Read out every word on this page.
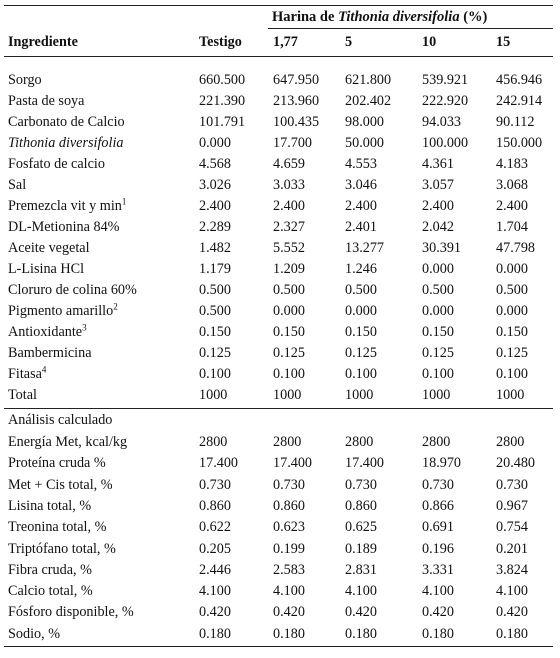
Harina de Tithonia diversifolia (%)
Ingrediente	Testigo 1,77	5	10	15
Sorgo	660.500 647.950 621.800 539.921 456.946
Pasta de soya	221.390 213.960 202.402 222.920 242.914
Carbonato de Calcio	101.791 100.435 98.000	94.033 90.112
Tithonia diversifolia	0.000	17.700 50.000	100.000 150.000
Fosfato de calcio	4.568	4.659	4.553	4.361	4.183
Sal	3.026	3.033	3.046	3.057	3.068
Premezcla vit y $\min^1$	2.400	2.400	2.400	2.400	2.400
DL-Metionina 84%	2.289	2.327	2.401	2.042	1.704
Aceite vegetal	1.482	5.552	13.277	30.391 47.798
L-Lisina HCl	1.179	1.209	1.246	0.000	0.000
Cloruro de colina 60%	0.500	0.500	0.500	0.500	0.500
Pigmento amarillo$^2$	0.500	0.000	0.000	0.000	0.000
Antioxidante$^3$	0.150	0.150	0.150	0.150	0.150
Bambermicina	0.125	0.125	0.125	0.125	0.125
Fitasa$^4$	0.100	0.100	0.100	0.100	0.100
Total	1000	1000	1000	1000	1000
Análisis calculado
Energía Met, kcal/kg	2800	2800	2800	2800	2800
Proteína cruda %	17.400 17.400 17.400	18.970 20.480
Met + Cis total, %	0.730	0.730	0.730	0.730	0.730
Lisina total, %	0.860	0.860	0.860	0.866	0.967
Treonina total, %	0.622	0.623	0.625	0.691	0.754
Triptófano total, %	0.205	0.199	0.189	0.196	0.201
Fibra cruda, %	2.446	2.583	2.831	3.331	3.824
Calcio total, %	4.100	4.100	4.100	4.100	4.100
Fósforo disponible, %	0.420	0.420	0.420	0.420	0.420
Sodio, %	0.180	0.180	0.180	0.180	0.180
